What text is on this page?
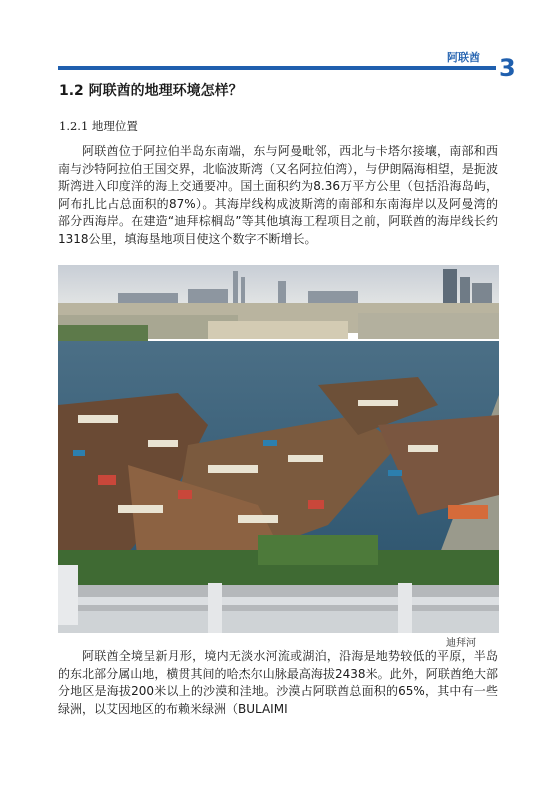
阿联酋 3
1.2 阿联酋的地理环境怎样？
1.2.1 地理位置

阿联酋位于阿拉伯半岛东南端，东与阿曼毗邻，西北与卡塔尔接壤，南部和西南与沙特阿拉伯王国交界，北临波斯湾（又名阿拉伯湾），与伊朗隔海相望，是扼波斯湾进入印度洋的海上交通要冲。国土面积约为8.36万平方公里（包括沿海岛屿，阿布扎比占总面积的87%）。其海岸线构成波斯湾的南部和东南海岸以及阿曼湾的部分西海岸。在建造“迪拜棕榈岛”等其他填海工程项目之前，阿联酋的海岸线长约1318公里，填海垦地项目使这个数字不断增长。

迪拜河

阿联酋全境呈新月形，境内无淡水河流或湖泊，沿海是地势较低的平原，半岛的东北部分属山地，横贯其间的哈杰尔山脉最高海拔2438米。此外，阿联酋绝大部分地区是海拔200米以上的沙漠和洼地。沙漠占阿联酋总面积的65%，其中有一些绿洲，以艾因地区的布赖米绿洲（BULAIMI
